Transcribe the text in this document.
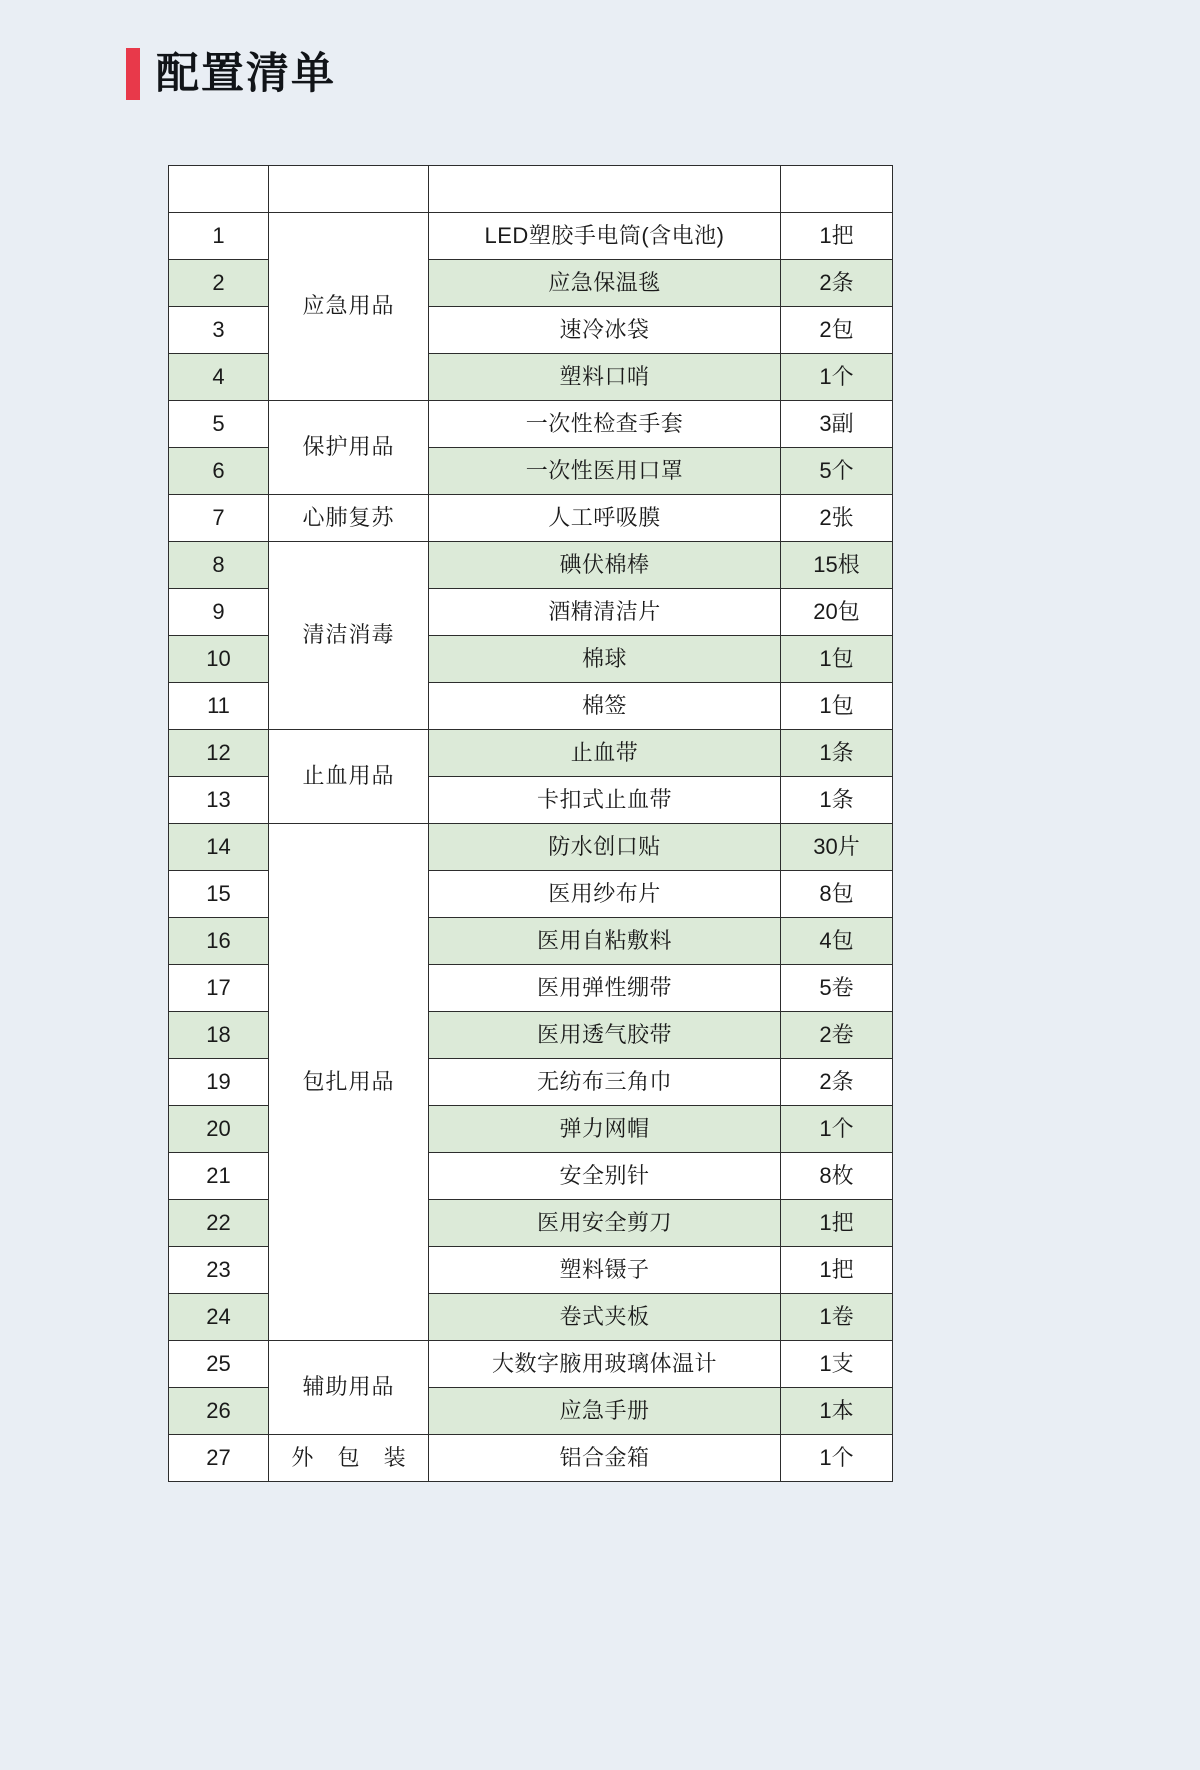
配置清单
序号	分类	品名	数量
1	应急用品	LED塑胶手电筒(含电池)	1把
2		应急保温毯	2条
3		速冷冰袋	2包
4		塑料口哨	1个
5	保护用品	一次性检查手套	3副
6		一次性医用口罩	5个
7	心肺复苏	人工呼吸膜	2张
8	清洁消毒	碘伏棉棒	15根
9		酒精清洁片	20包
10		棉球	1包
11		棉签	1包
12	止血用品	止血带	1条
13		卡扣式止血带	1条
14	包扎用品	防水创口贴	30片
15		医用纱布片	8包
16		医用自粘敷料	4包
17		医用弹性绷带	5卷
18		医用透气胶带	2卷
19		无纺布三角巾	2条
20		弹力网帽	1个
21		安全别针	8枚
22		医用安全剪刀	1把
23		塑料镊子	1把
24		卷式夹板	1卷
25	辅助用品	大数字腋用玻璃体温计	1支
26		应急手册	1本
27	外 包 装	铝合金箱	1个
